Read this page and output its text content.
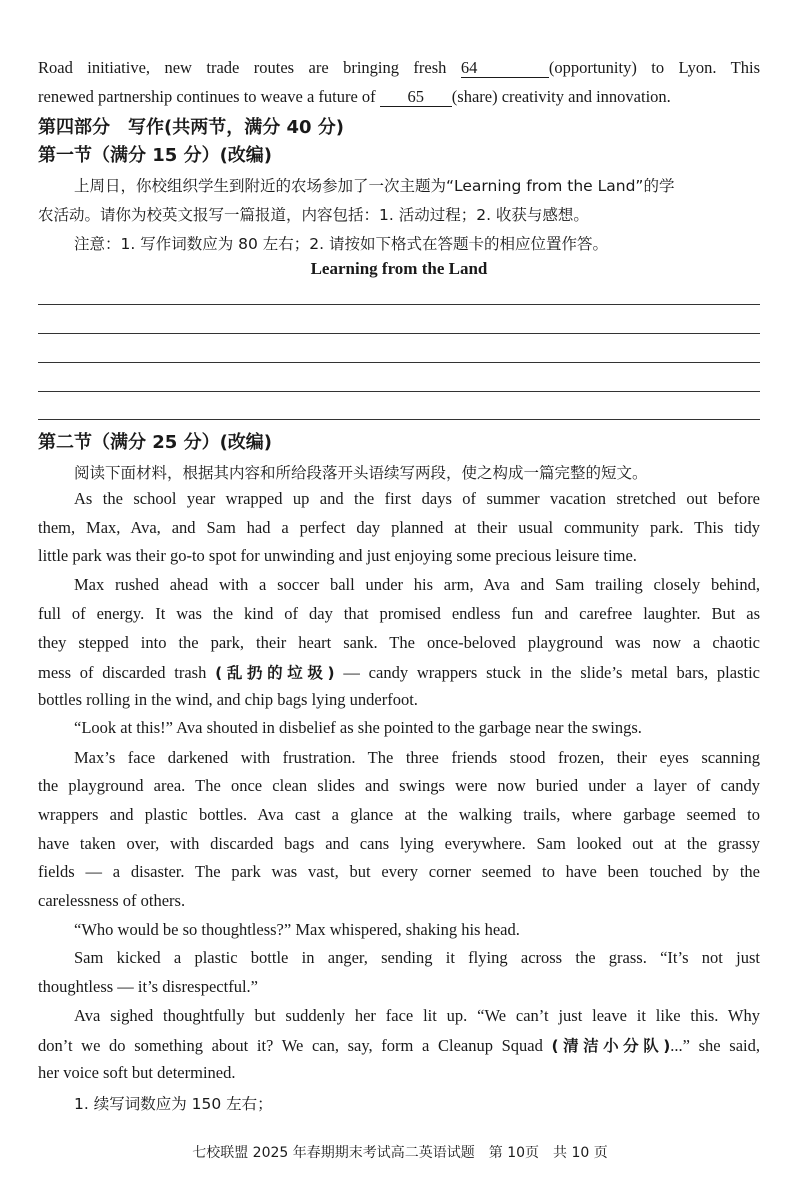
Road initiative, new trade routes are bringing fresh 64	(opportunity) to Lyon. This
renewed partnership continues to weave a future of 65 (share) creativity and innovation.
第四部分　写作(共两节，满分 40 分)
第一节（满分 15 分）(改编)
上周日，你校组织学生到附近的农场参加了一次主题为“Learning from the Land”的学
农活动。请你为校英文报写一篇报道，内容包括：1. 活动过程；2. 收获与感想。
注意：1. 写作词数应为 80 左右；2. 请按如下格式在答题卡的相应位置作答。
Learning from the Land
第二节（满分 25 分）(改编)
阅读下面材料，根据其内容和所给段落开头语续写两段，使之构成一篇完整的短文。
As the school year wrapped up and the first days of summer vacation stretched out before
them, Max, Ava, and Sam had a perfect day planned at their usual community park. This tidy
little park was their go-to spot for unwinding and just enjoying some precious leisure time.
Max rushed ahead with a soccer ball under his arm, Ava and Sam trailing closely behind,
full of energy. It was the kind of day that promised endless fun and carefree laughter. But as
they stepped into the park, their heart sank. The once-beloved playground was now a chaotic
mess of discarded trash (乱扔的垃圾) — candy wrappers stuck in the slide’s metal bars, plastic
bottles rolling in the wind, and chip bags lying underfoot.
“Look at this!” Ava shouted in disbelief as she pointed to the garbage near the swings.
Max’s face darkened with frustration. The three friends stood frozen, their eyes scanning
the playground area. The once clean slides and swings were now buried under a layer of candy
wrappers and plastic bottles. Ava cast a glance at the walking trails, where garbage seemed to
have taken over, with discarded bags and cans lying everywhere. Sam looked out at the grassy
fields — a disaster. The park was vast, but every corner seemed to have been touched by the
carelessness of others.
“Who would be so thoughtless?” Max whispered, shaking his head.
Sam kicked a plastic bottle in anger, sending it flying across the grass. “It’s not just
thoughtless — it’s disrespectful.”
Ava sighed thoughtfully but suddenly her face lit up. “We can’t just leave it like this. Why
don’t we do something about it? We can, say, form a Cleanup Squad (清洁小分队)...” she said,
her voice soft but determined.
1. 续写词数应为 150 左右；
七校联盟 2025 年春期期末考试高二英语试题　第 10页　共 10 页
